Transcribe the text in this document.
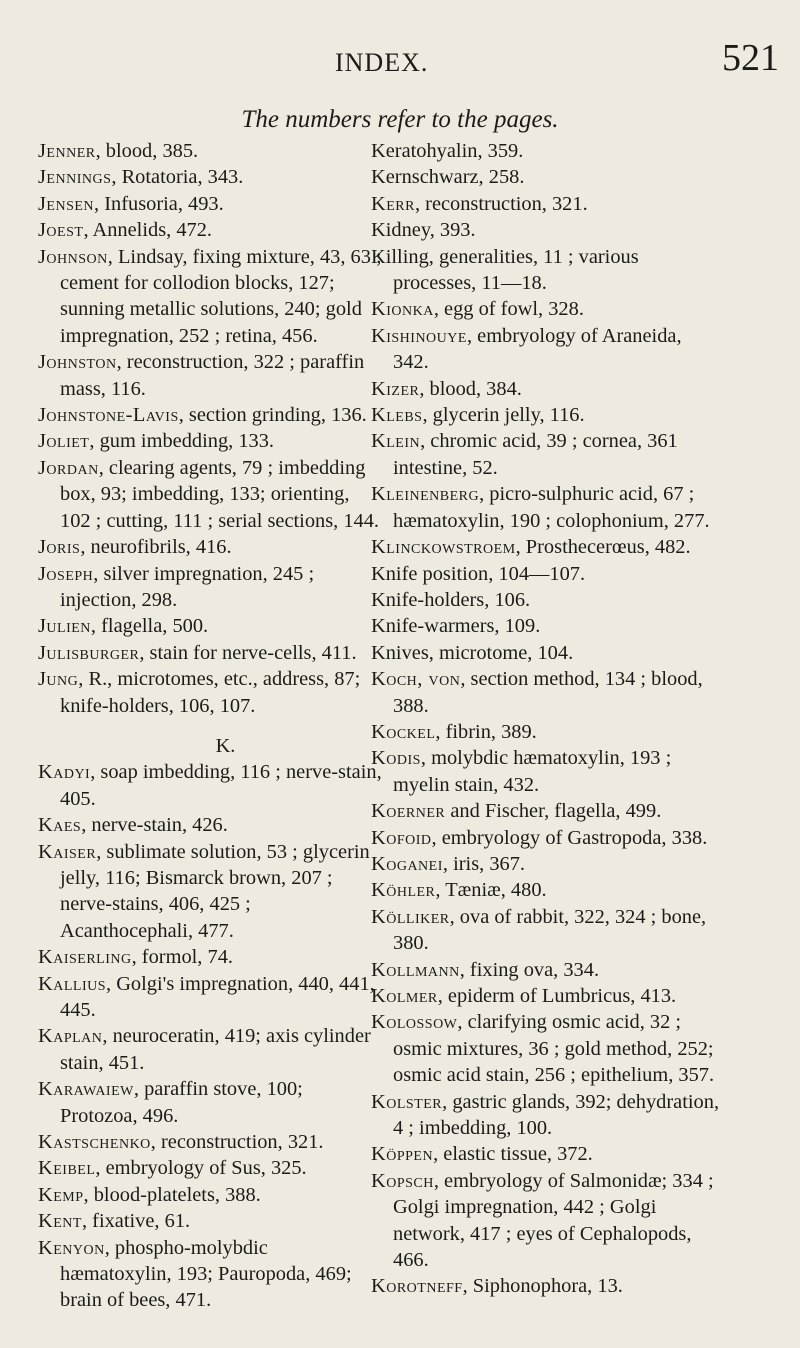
INDEX.	521
The numbers refer to the pages.

Jenner, blood, 385.

Jennings, Rotatoria, 343.

Jensen, Infusoria, 493.

Joest, Annelids, 472.

Johnson, Lindsay, fixing mixture, 43, 63 ; cement for collodion blocks, 127; sunning metallic solutions, 240; gold impregnation, 252 ; retina, 456.

Johnston, reconstruction, 322 ; paraffin mass, 116.

Johnstone-Lavis, section grinding, 136.

Joliet, gum imbedding, 133.

Jordan, clearing agents, 79 ; imbedding box, 93; imbedding, 133; orienting, 102 ; cutting, 111 ; serial sections, 144.

Joris, neurofibrils, 416.

Joseph, silver impregnation, 245 ; injection, 298.

Julien, flagella, 500.

Julisburger, stain for nerve-cells, 411.

Jung, R., microtomes, etc., address, 87; knife-holders, 106, 107.

K.

Kadyi, soap imbedding, 116 ; nerve-stain, 405.

Kaes, nerve-stain, 426.

Kaiser, sublimate solution, 53 ; glycerin jelly, 116; Bismarck brown, 207 ; nerve-stains, 406, 425 ; Acanthocephali, 477.

Kaiserling, formol, 74.

Kallius, Golgi's impregnation, 440, 441, 445.

Kaplan, neuroceratin, 419; axis cylinder stain, 451.

Karawaiew, paraffin stove, 100; Protozoa, 496.

Kastschenko, reconstruction, 321.

Keibel, embryology of Sus, 325.

Kemp, blood-platelets, 388.

Kent, fixative, 61.

Kenyon, phospho-molybdic hæmatoxylin, 193; Pauropoda, 469; brain of bees, 471.

Keratohyalin, 359.

Kernschwarz, 258.

Kerr, reconstruction, 321.

Kidney, 393.

Killing, generalities, 11 ; various processes, 11—18.

Kionka, egg of fowl, 328.

Kishinouye, embryology of Araneida, 342.

Kizer, blood, 384.

Klebs, glycerin jelly, 116.

Klein, chromic acid, 39 ; cornea, 361 intestine, 52.

Kleinenberg, picro-sulphuric acid, 67 ; hæmatoxylin, 190 ; colophonium, 277.

Klinckowstroem, Prosthecerœus, 482.

Knife position, 104—107.

Knife-holders, 106.

Knife-warmers, 109.

Knives, microtome, 104.

Koch, von, section method, 134 ; blood, 388.

Kockel, fibrin, 389.

Kodis, molybdic hæmatoxylin, 193 ; myelin stain, 432.

Koerner and Fischer, flagella, 499.

Kofoid, embryology of Gastropoda, 338.

Koganei, iris, 367.

Köhler, Tæniæ, 480.

Kölliker, ova of rabbit, 322, 324 ; bone, 380.

Kollmann, fixing ova, 334.

Kolmer, epiderm of Lumbricus, 413.

Kolossow, clarifying osmic acid, 32 ; osmic mixtures, 36 ; gold method, 252; osmic acid stain, 256 ; epithelium, 357.

Kolster, gastric glands, 392; dehydration, 4 ; imbedding, 100.

Köppen, elastic tissue, 372.

Kopsch, embryology of Salmonidæ; 334 ; Golgi impregnation, 442 ; Golgi network, 417 ; eyes of Cephalopods, 466.

Korotneff, Siphonophora, 13.
